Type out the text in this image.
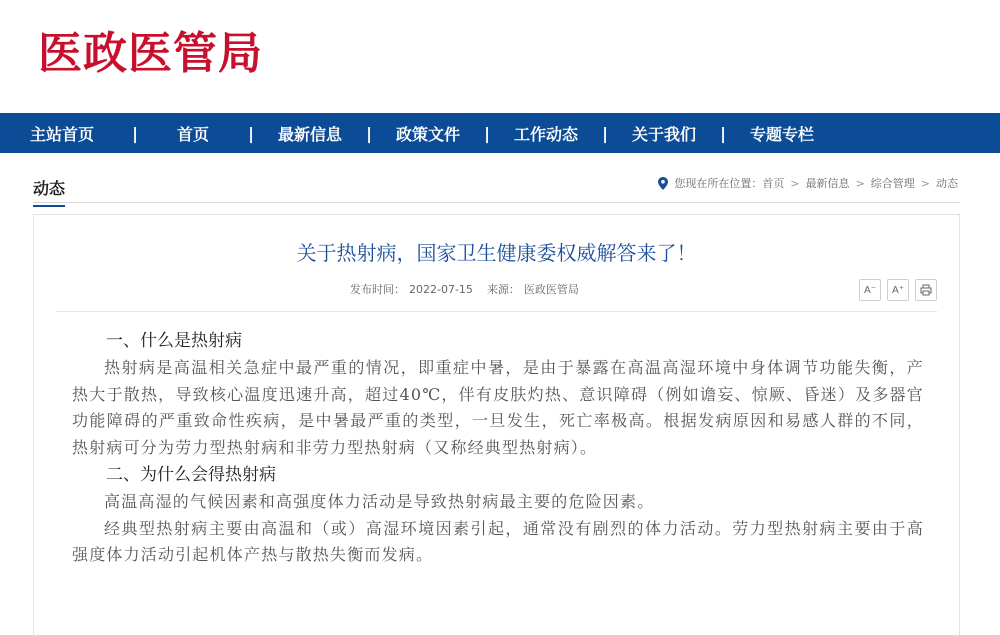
医政医管局
主站首页	|	首页	|	最新信息	|	政策文件	|	工作动态	|	关于我们	|	专题专栏
动态	您现在所在位置： 首页 > 最新信息 > 综合管理 > 动态
关于热射病，国家卫生健康委权威解答来了！
发布时间： 2022-07-15 来源： 医政医管局	A⁻	A⁺
一、什么是热射病

热射病是高温相关急症中最严重的情况，即重症中暑，是由于暴露在高温高湿环境中身体调节功能失衡，产热大于散热，导致核心温度迅速升高，超过40℃，伴有皮肤灼热、意识障碍（例如谵妄、惊厥、昏迷）及多器官功能障碍的严重致命性疾病，是中暑最严重的类型，一旦发生，死亡率极高。根据发病原因和易感人群的不同，热射病可分为劳力型热射病和非劳力型热射病（又称经典型热射病）。

二、为什么会得热射病

高温高湿的气候因素和高强度体力活动是导致热射病最主要的危险因素。

经典型热射病主要由高温和（或）高湿环境因素引起，通常没有剧烈的体力活动。劳力型热射病主要由于高强度体力活动引起机体产热与散热失衡而发病。
